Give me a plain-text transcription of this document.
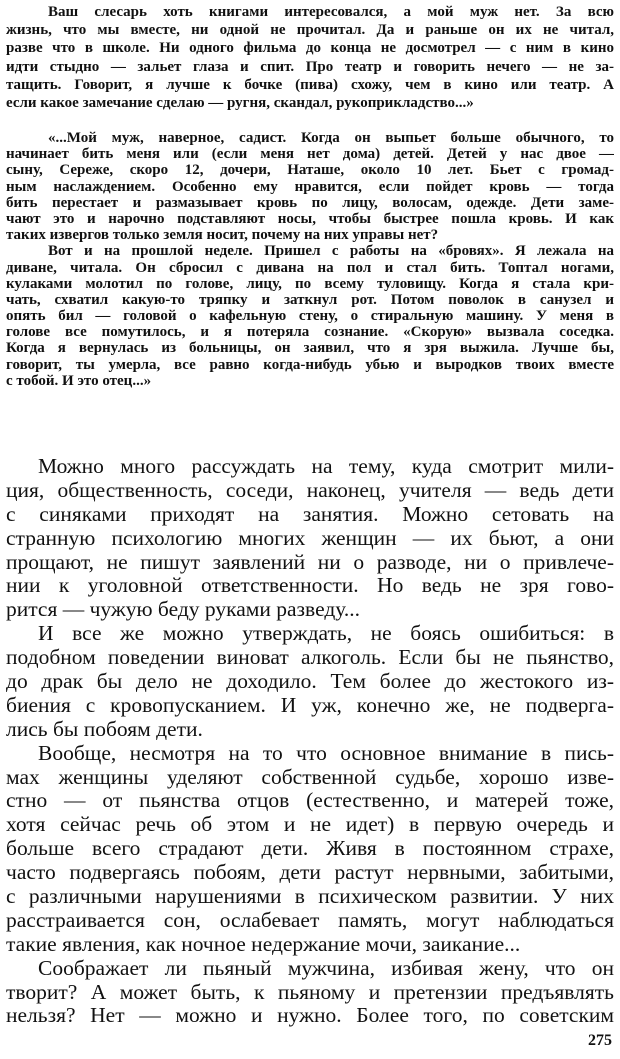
Ваш слесарь хоть книгами интересовался, а мой муж нет. За всю
жизнь, что мы вместе, ни одной не прочитал. Да и раньше он их не читал,
разве что в школе. Ни одного фильма до конца не досмотрел — с ним в кино
идти стыдно — зальет глаза и спит. Про театр и говорить нечего — не за-
тащить. Говорит, я лучше к бочке (пива) схожу, чем в кино или театр. А
если какое замечание сделаю — ругня, скандал, рукоприкладство...»
«...Мой муж, наверное, садист. Когда он выпьет больше обычного, то
начинает бить меня или (если меня нет дома) детей. Детей у нас двое —
сыну, Сереже, скоро 12, дочери, Наташе, около 10 лет. Бьет с громад-
ным наслаждением. Особенно ему нравится, если пойдет кровь — тогда
бить перестает и размазывает кровь по лицу, волосам, одежде. Дети заме-
чают это и нарочно подставляют носы, чтобы быстрее пошла кровь. И как
таких извергов только земля носит, почему на них управы нет?
Вот и на прошлой неделе. Пришел с работы на «бровях». Я лежала на
диване, читала. Он сбросил с дивана на пол и стал бить. Топтал ногами,
кулаками молотил по голове, лицу, по всему туловищу. Когда я стала кри-
чать, схватил какую-то тряпку и заткнул рот. Потом поволок в санузел и
опять бил — головой о кафельную стену, о стиральную машину. У меня в
голове все помутилось, и я потеряла сознание. «Скорую» вызвала соседка.
Когда я вернулась из больницы, он заявил, что я зря выжила. Лучше бы,
говорит, ты умерла, все равно когда-нибудь убью и выродков твоих вместе
с тобой. И это отец...»
Можно много рассуждать на тему, куда смотрит мили-
ция, общественность, соседи, наконец, учителя — ведь дети
с синяками приходят на занятия. Можно сетовать на
странную психологию многих женщин — их бьют, а они
прощают, не пишут заявлений ни о разводе, ни о привлече-
нии к уголовной ответственности. Но ведь не зря гово-
рится — чужую беду руками разведу...
И все же можно утверждать, не боясь ошибиться: в
подобном поведении виноват алкоголь. Если бы не пьянство,
до драк бы дело не доходило. Тем более до жестокого из-
биения с кровопусканием. И уж, конечно же, не подверга-
лись бы побоям дети.
Вообще, несмотря на то что основное внимание в пись-
мах женщины уделяют собственной судьбе, хорошо изве-
стно — от пьянства отцов (естественно, и матерей тоже,
хотя сейчас речь об этом и не идет) в первую очередь и
больше всего страдают дети. Живя в постоянном страхе,
часто подвергаясь побоям, дети растут нервными, забитыми,
с различными нарушениями в психическом развитии. У них
расстраивается сон, ослабевает память, могут наблюдаться
такие явления, как ночное недержание мочи, заикание...
Соображает ли пьяный мужчина, избивая жену, что он
творит? А может быть, к пьяному и претензии предъявлять
нельзя? Нет — можно и нужно. Более того, по советским
275
